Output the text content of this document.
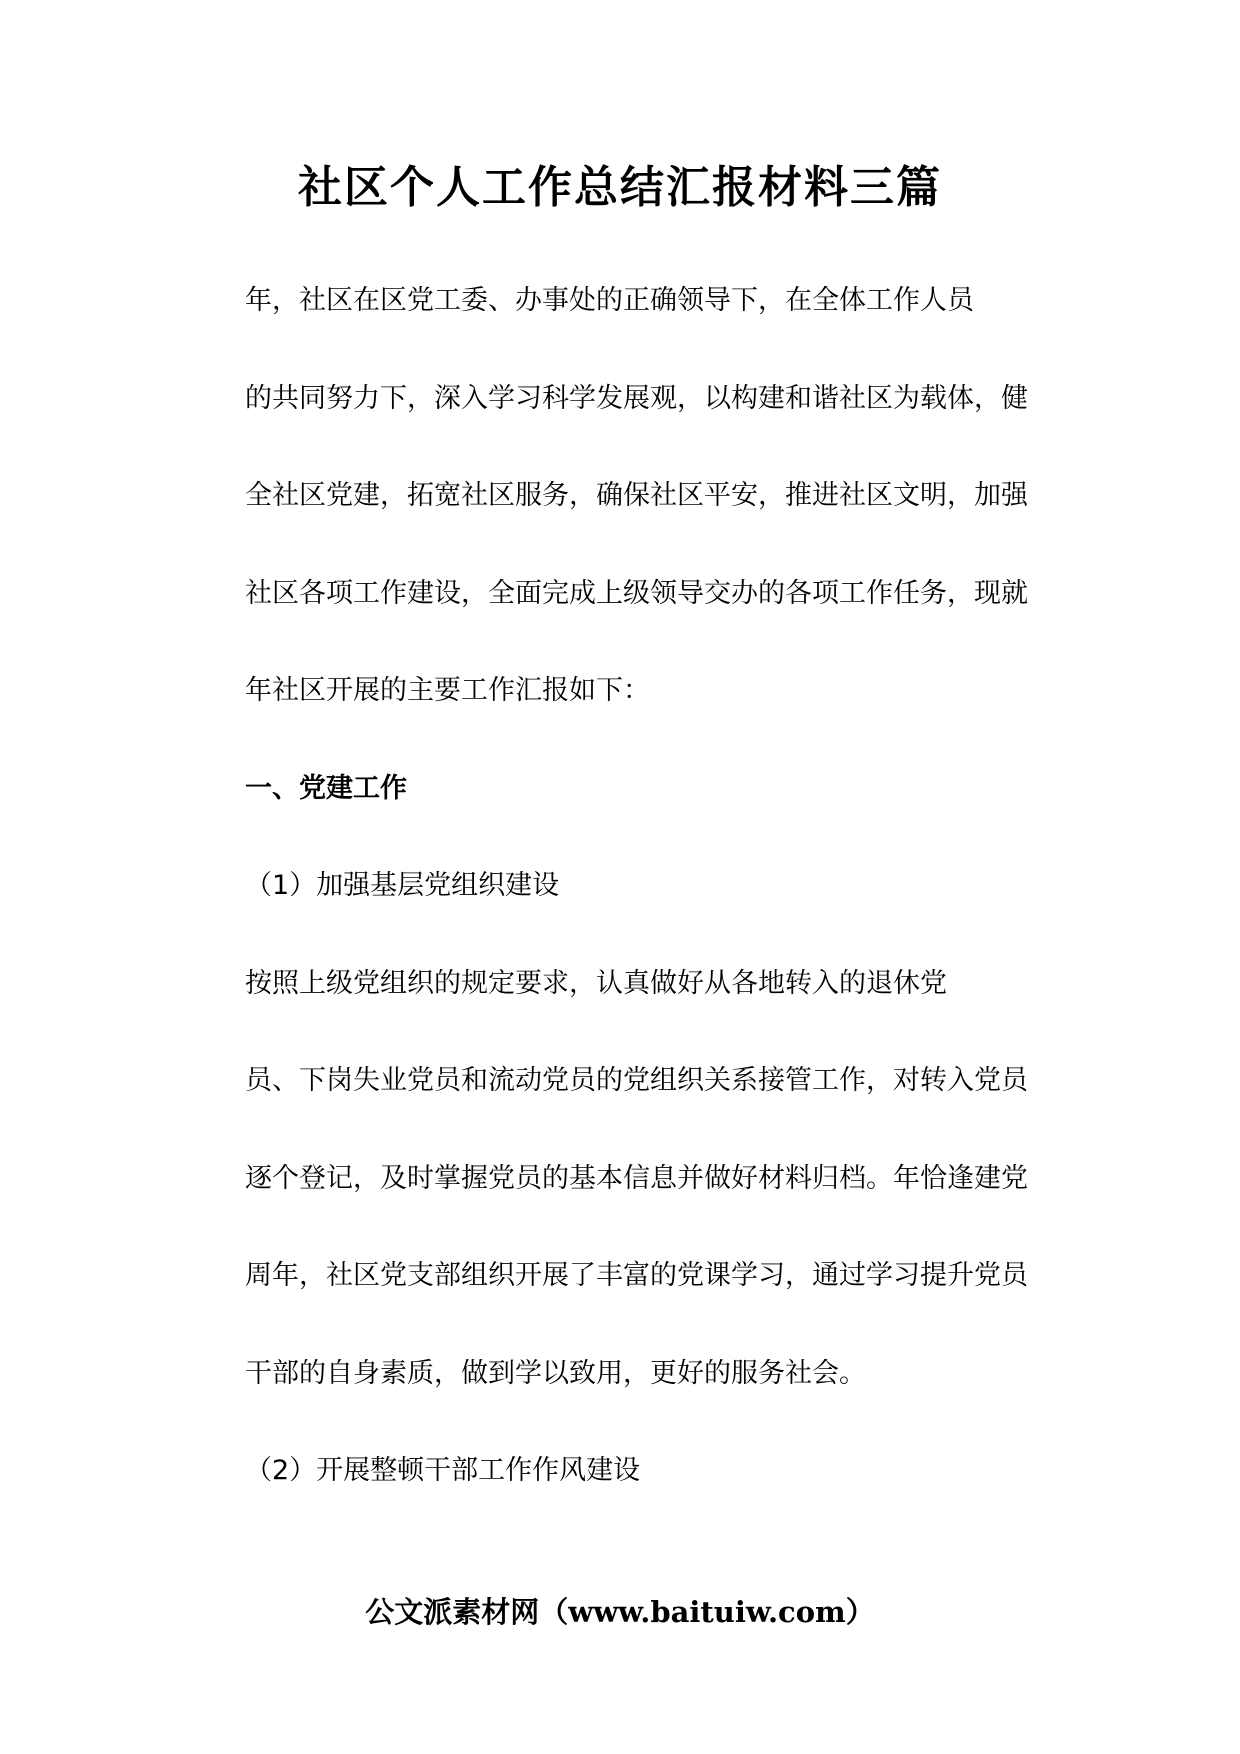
社区个人工作总结汇报材料三篇

年，社区在区党工委、办事处的正确领导下，在全体工作人员
的共同努力下，深入学习科学发展观，以构建和谐社区为载体，健
全社区党建，拓宽社区服务，确保社区平安，推进社区文明，加强
社区各项工作建设，全面完成上级领导交办的各项工作任务，现就
年社区开展的主要工作汇报如下：

一、党建工作

（1）加强基层党组织建设

按照上级党组织的规定要求，认真做好从各地转入的退休党
员、下岗失业党员和流动党员的党组织关系接管工作，对转入党员
逐个登记，及时掌握党员的基本信息并做好材料归档。年恰逢建党
周年，社区党支部组织开展了丰富的党课学习，通过学习提升党员
干部的自身素质，做到学以致用，更好的服务社会。

（2）开展整顿干部工作作风建设

公文派素材网（www.baituiw.com）
